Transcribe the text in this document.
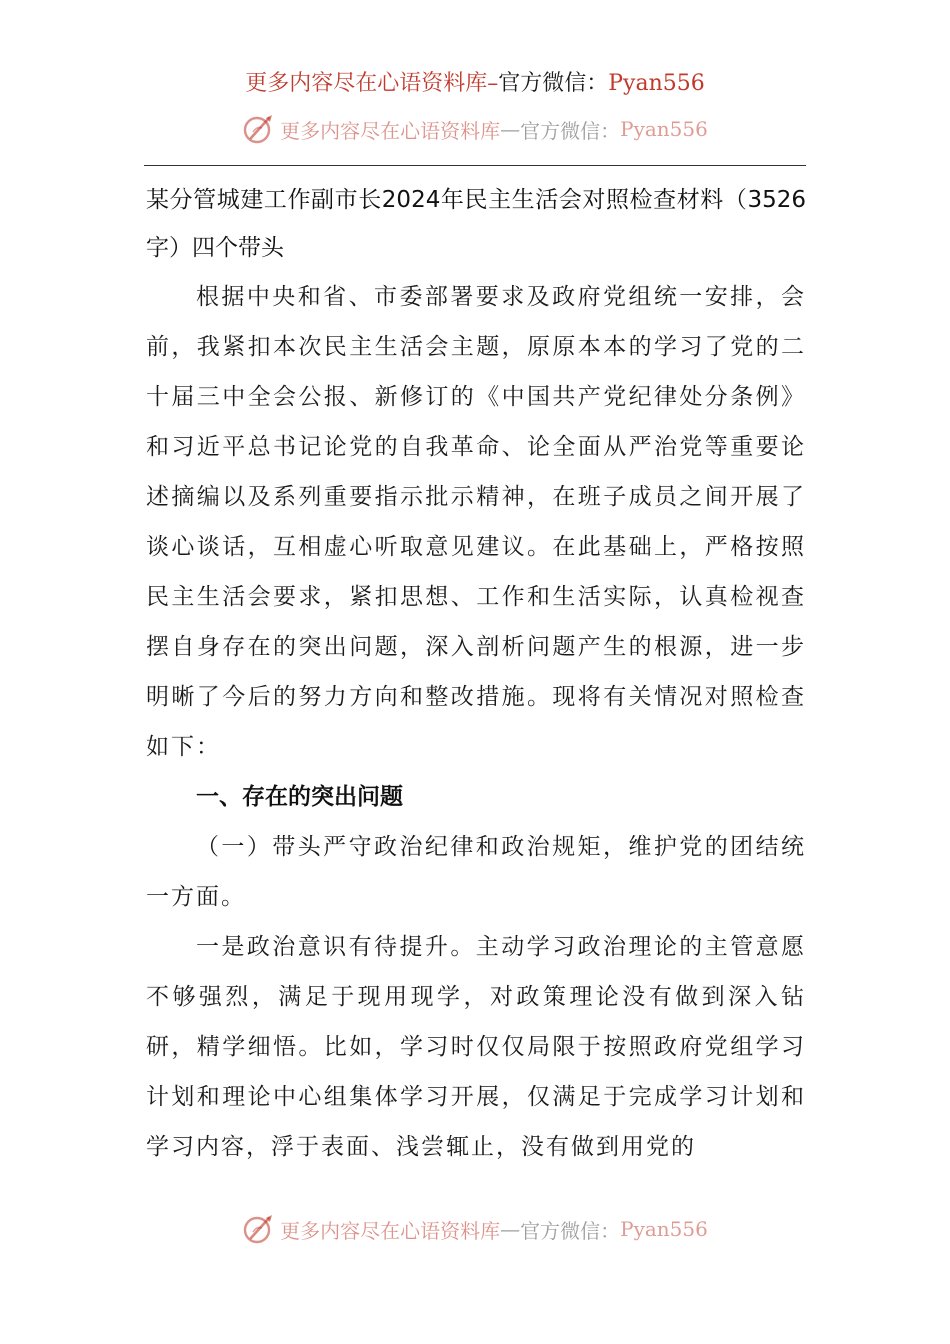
更多内容尽在心语资料库–官方微信：Pyan556
更多内容尽在心语资料库 — 官方微信： Pyan556

某分管城建工作副市长2024年民主生活会对照检查材料（3526字）四个带头

根据中央和省、市委部署要求及政府党组统一安排，会前，我紧扣本次民主生活会主题，原原本本的学习了党的二十届三中全会公报、新修订的《中国共产党纪律处分条例》和习近平总书记论党的自我革命、论全面从严治党等重要论述摘编以及系列重要指示批示精神，在班子成员之间开展了谈心谈话，互相虚心听取意见建议。在此基础上，严格按照民主生活会要求，紧扣思想、工作和生活实际，认真检视查摆自身存在的突出问题，深入剖析问题产生的根源，进一步明晰了今后的努力方向和整改措施。现将有关情况对照检查如下：

一、存在的突出问题

（一）带头严守政治纪律和政治规矩，维护党的团结统一方面。

一是政治意识有待提升。主动学习政治理论的主管意愿不够强烈，满足于现用现学，对政策理论没有做到深入钻研，精学细悟。比如，学习时仅仅局限于按照政府党组学习计划和理论中心组集体学习开展，仅满足于完成学习计划和学习内容，浮于表面、浅尝辄止，没有做到用党的

更多内容尽在心语资料库 — 官方微信： Pyan556
